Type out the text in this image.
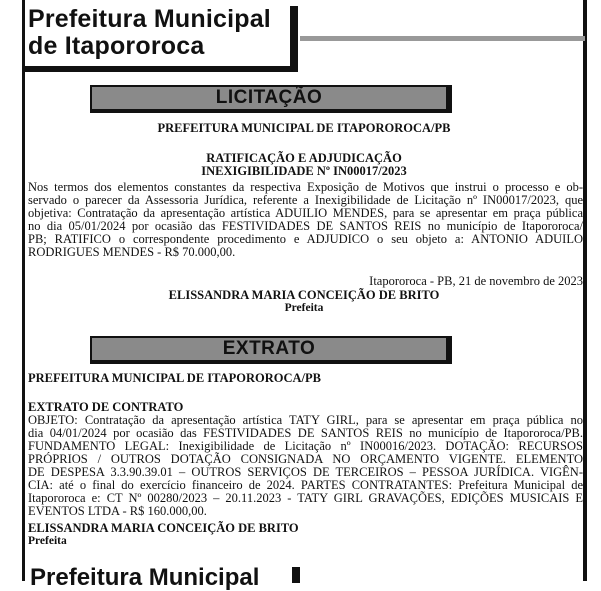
Prefeitura Municipal
de Itapororoca
LICITAÇÃO
PREFEITURA MUNICIPAL DE ITAPOROROCA/PB
RATIFICAÇÃO E ADJUDICAÇÃO
INEXIGIBILIDADE Nº IN00017/2023
Nos termos dos elementos constantes da respectiva Exposição de Motivos que instrui o processo e ob-
servado o parecer da Assessoria Jurídica, referente a Inexigibilidade de Licitação nº IN00017/2023, que
objetiva: Contratação da apresentação artística ADUILIO MENDES, para se apresentar em praça pública
no dia 05/01/2024 por ocasião das FESTIVIDADES DE SANTOS REIS no município de Itapororoca/
PB; RATIFICO o correspondente procedimento e ADJUDICO o seu objeto a: ANTONIO ADUILO
RODRIGUES MENDES - R$ 70.000,00.
Itapororoca - PB, 21 de novembro de 2023
ELISSANDRA MARIA CONCEIÇÃO DE BRITO
Prefeita
EXTRATO
PREFEITURA MUNICIPAL DE ITAPOROROCA/PB
EXTRATO DE CONTRATO
OBJETO: Contratação da apresentação artística TATY GIRL, para se apresentar em praça pública no
dia 04/01/2024 por ocasião das FESTIVIDADES DE SANTOS REIS no município de Itapororoca/PB.
FUNDAMENTO LEGAL: Inexigibilidade de Licitação nº IN00016/2023. DOTAÇÃO: RECURSOS
PRÓPRIOS / OUTROS DOTAÇÃO CONSIGNADA NO ORÇAMENTO VIGENTE. ELEMENTO
DE DESPESA 3.3.90.39.01 – OUTROS SERVIÇOS DE TERCEIROS – PESSOA JURÍDICA. VIGÊN-
CIA: até o final do exercício financeiro de 2024. PARTES CONTRATANTES: Prefeitura Municipal de
Itapororoca e: CT Nº 00280/2023 – 20.11.2023 - TATY GIRL GRAVAÇÕES, EDIÇÕES MUSICAIS E
EVENTOS LTDA - R$ 160.000,00.
ELISSANDRA MARIA CONCEIÇÃO DE BRITO
Prefeita
Prefeitura Municipal
